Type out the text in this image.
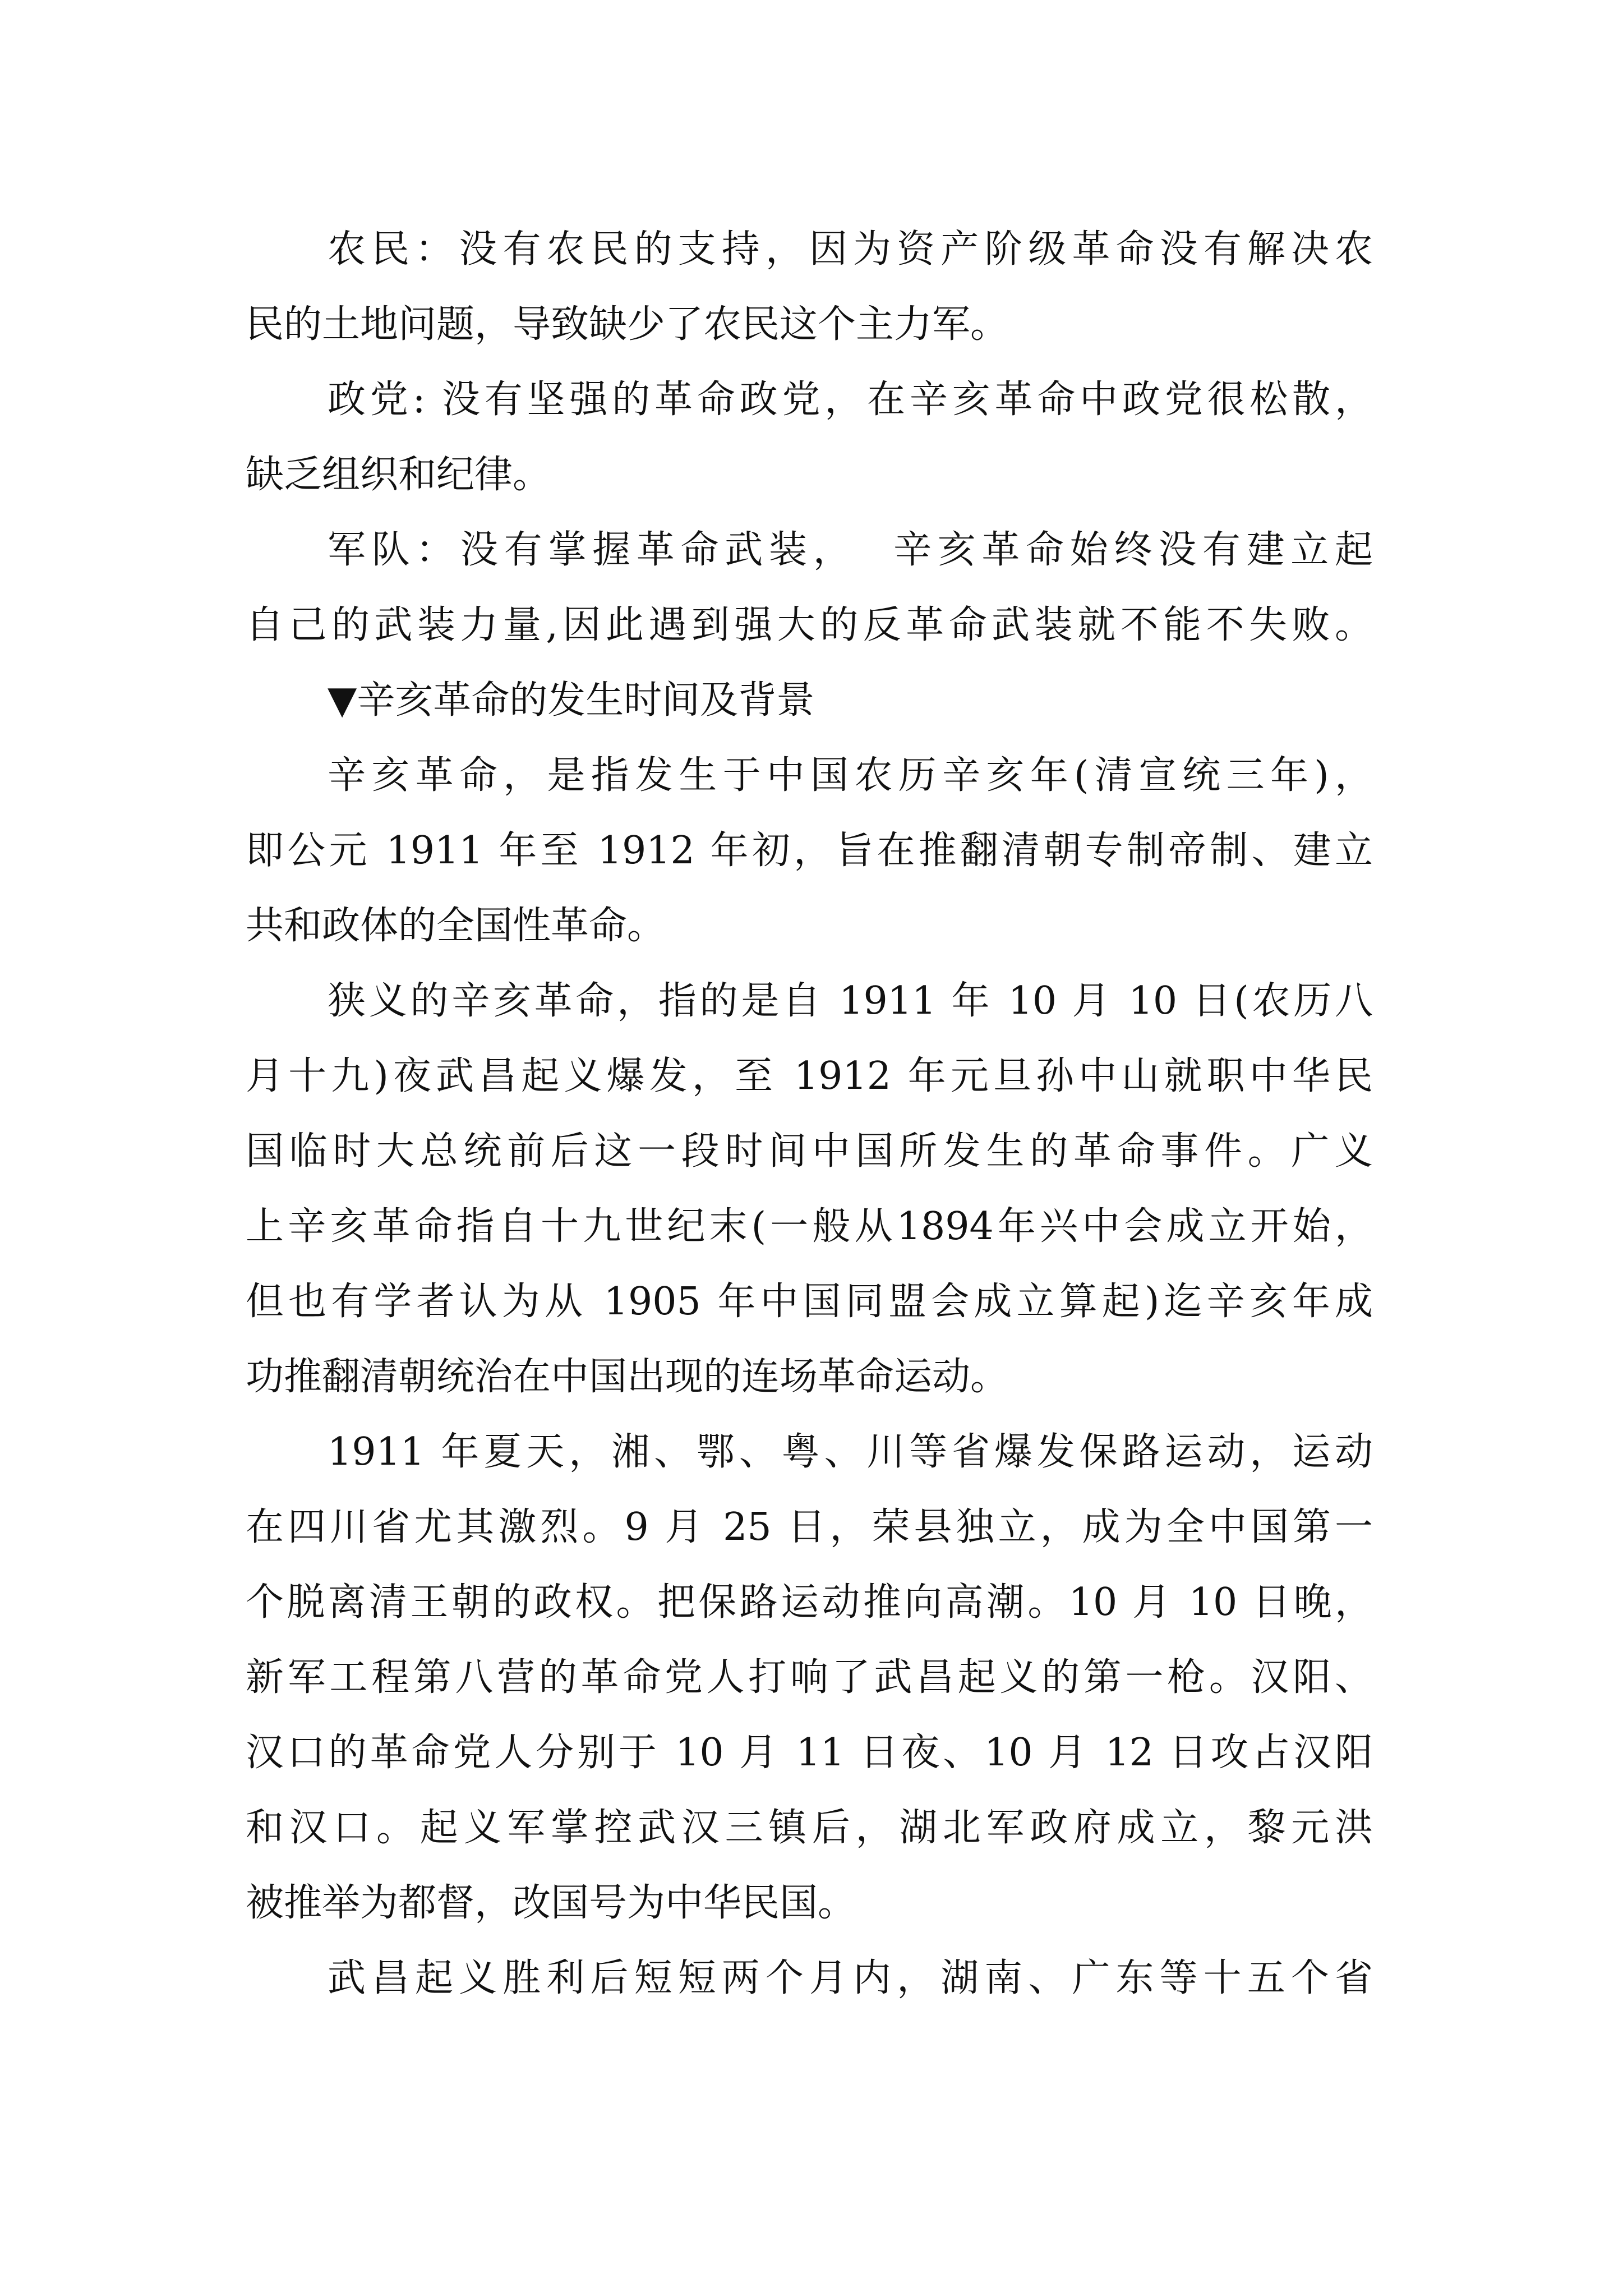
农民：没有农民的支持，因为资产阶级革命没有解决农
民的土地问题，导致缺少了农民这个主力军。
政党: 没有坚强的革命政党，在辛亥革命中政党很松散，
缺乏组织和纪律。
军队：没有掌握革命武装，  辛亥革命始终没有建立起
自己的武装力量,因此遇到强大的反革命武装就不能不失败。
▼辛亥革命的发生时间及背景
辛亥革命，是指发生于中国农历辛亥年(清宣统三年)，
即公元 1911 年至 1912 年初，旨在推翻清朝专制帝制、建立
共和政体的全国性革命。
狭义的辛亥革命，指的是自 1911 年 10 月 10 日(农历八
月十九)夜武昌起义爆发，至 1912 年元旦孙中山就职中华民
国临时大总统前后这一段时间中国所发生的革命事件。广义
上辛亥革命指自十九世纪末(一般从1894年兴中会成立开始，
但也有学者认为从 1905 年中国同盟会成立算起)迄辛亥年成
功推翻清朝统治在中国出现的连场革命运动。
1911 年夏天，湘、鄂、粤、川等省爆发保路运动，运动
在四川省尤其激烈。9 月 25 日，荣县独立，成为全中国第一
个脱离清王朝的政权。把保路运动推向高潮。10 月 10 日晚，
新军工程第八营的革命党人打响了武昌起义的第一枪。汉阳、
汉口的革命党人分别于 10 月 11 日夜、10 月 12 日攻占汉阳
和汉口。起义军掌控武汉三镇后，湖北军政府成立，黎元洪
被推举为都督，改国号为中华民国。
武昌起义胜利后短短两个月内，湖南、广东等十五个省
